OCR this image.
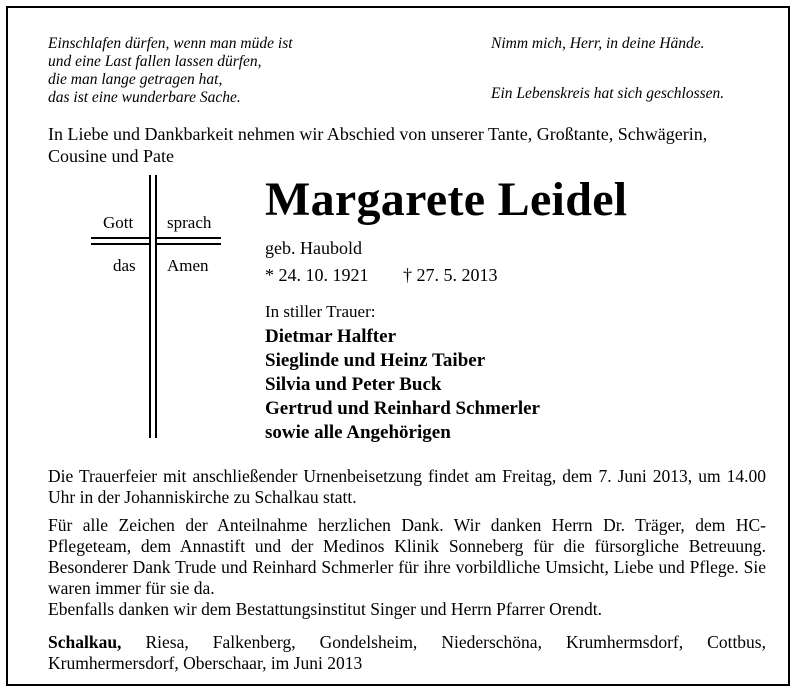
Einschlafen dürfen, wenn man müde ist
und eine Last fallen lassen dürfen,
die man lange getragen hat,
das ist eine wunderbare Sache.
Nimm mich, Herr, in deine Hände.
Ein Lebenskreis hat sich geschlossen.
In Liebe und Dankbarkeit nehmen wir Abschied von unserer Tante, Großtante, Schwägerin, Cousine und Pate
Gott sprach
das Amen
Margarete Leidel
geb. Haubold
* 24. 10. 1921 † 27. 5. 2013
In stiller Trauer:
Dietmar Halfter
Sieglinde und Heinz Taiber
Silvia und Peter Buck
Gertrud und Reinhard Schmerler
sowie alle Angehörigen
Die Trauerfeier mit anschließender Urnenbeisetzung findet am Freitag, dem 7. Juni 2013, um 14.00 Uhr in der Johanniskirche zu Schalkau statt.
Für alle Zeichen der Anteilnahme herzlichen Dank. Wir danken Herrn Dr. Träger, dem HC-Pflegeteam, dem Annastift und der Medinos Klinik Sonneberg für die fürsorgliche Betreuung. Besonderer Dank Trude und Reinhard Schmerler für ihre vorbildliche Umsicht, Liebe und Pflege. Sie waren immer für sie da.
Ebenfalls danken wir dem Bestattungsinstitut Singer und Herrn Pfarrer Orendt.
Schalkau, Riesa, Falkenberg, Gondelsheim, Niederschöna, Krumhermsdorf, Cottbus, Krumhermersdorf, Oberschaar, im Juni 2013
